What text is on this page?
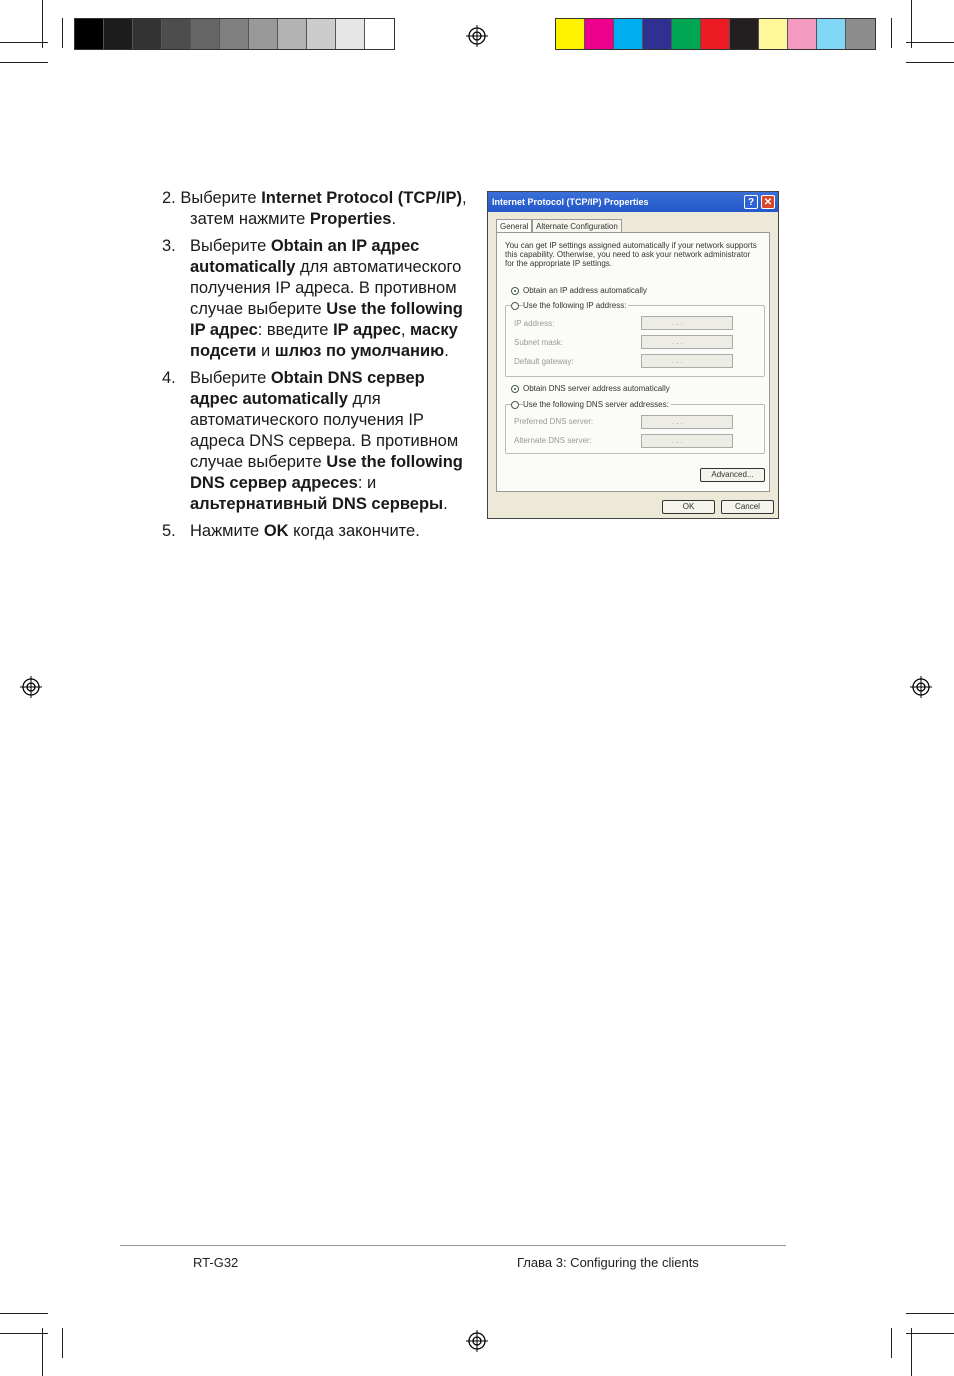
2. Выберите Internet Protocol (TCP/IP), затем нажмите Properties.
3. Выберите Obtain an IP адрес automatically для автоматического получения IP адреса. В противном случае выберите Use the following IP адрес: введите IP адрес, маску подсети и шлюз по умолчанию.
4. Выберите Obtain DNS сервер адрес automatically для автоматического получения IP адреса DNS сервера. В противном случае выберите Use the following DNS сервер адресes: и альтернативный DNS серверы.
5. Нажмите OK когда закончите.
Internet Protocol (TCP/IP) Properties	? ✕
General Alternate Configuration
You can get IP settings assigned automatically if your network supports this capability. Otherwise, you need to ask your network administrator for the appropriate IP settings.
Obtain an IP address automatically
Use the following IP address:
IP address:	. . .
Subnet mask:	. . .
Default gateway:	. . .
Obtain DNS server address automatically
Use the following DNS server addresses:
Preferred DNS server:	. . .
Alternate DNS server:	. . .
Advanced...
OK	Cancel
RT-G32	Глава 3: Configuring the clients
